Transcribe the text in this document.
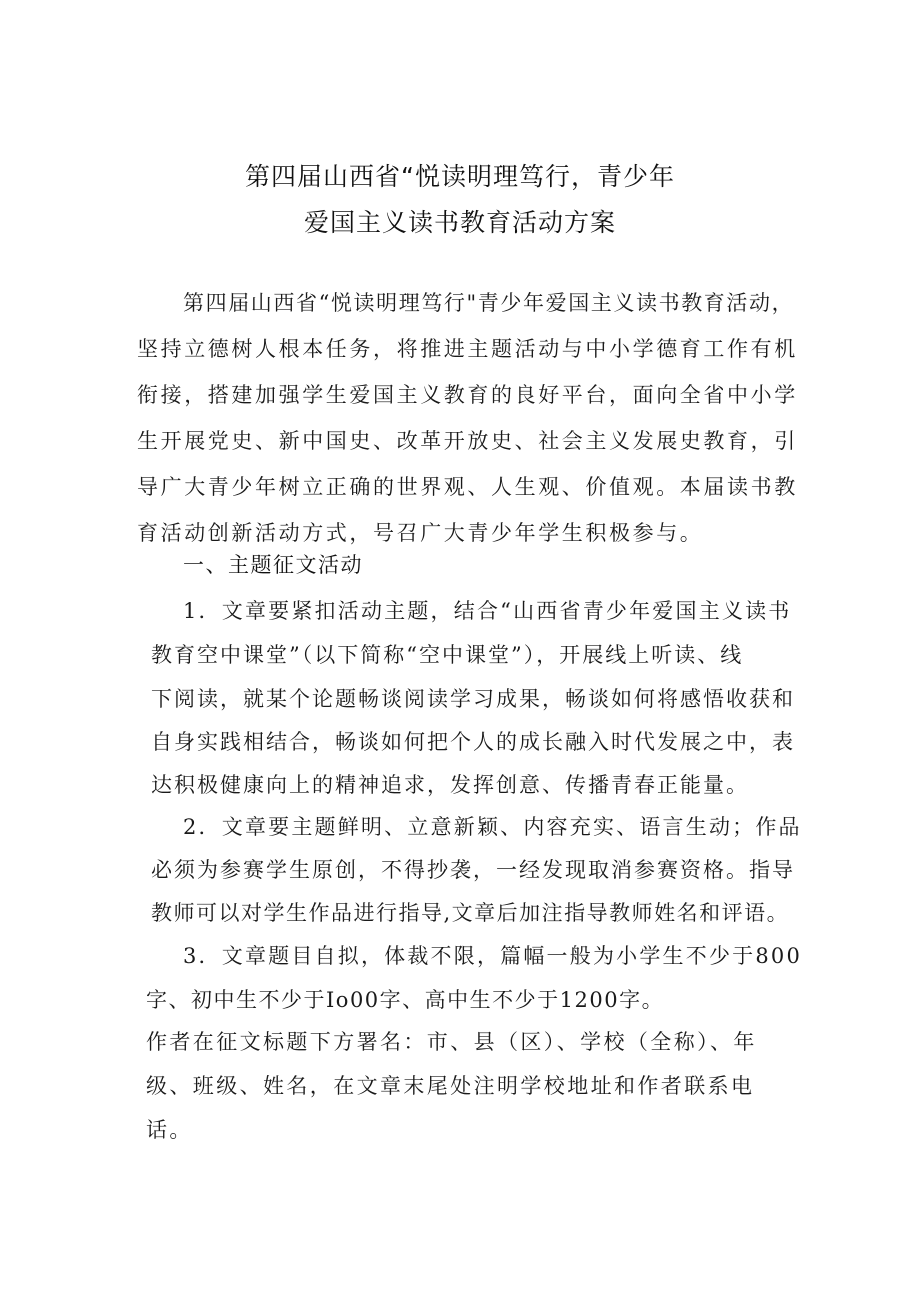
第四届山西省“悦读明理笃行，青少年
爱国主义读书教育活动方案
第四届山西省“悦读明理笃行"青少年爱国主义读书教育活动，
坚持立德树人根本任务，将推进主题活动与中小学德育工作有机
衔接，搭建加强学生爱国主义教育的良好平台，面向全省中小学
生开展党史、新中国史、改革开放史、社会主义发展史教育，引
导广大青少年树立正确的世界观、人生观、价值观。本届读书教
育活动创新活动方式，号召广大青少年学生积极参与。
一、主题征文活动
1．文章要紧扣活动主题，结合“山西省青少年爱国主义读书
教育空中课堂”（以下简称“空中课堂”），开展线上听读、线
下阅读，就某个论题畅谈阅读学习成果，畅谈如何将感悟收获和
自身实践相结合，畅谈如何把个人的成长融入时代发展之中，表
达积极健康向上的精神追求，发挥创意、传播青春正能量。
2．文章要主题鲜明、立意新颖、内容充实、语言生动；作品
必须为参赛学生原创，不得抄袭，一经发现取消参赛资格。指导
教师可以对学生作品进行指导,文章后加注指导教师姓名和评语。
3．文章题目自拟，体裁不限，篇幅一般为小学生不少于800
字、初中生不少于Io00字、高中生不少于1200字。
作者在征文标题下方署名：市、县（区）、学校（全称）、年
级、班级、姓名，在文章末尾处注明学校地址和作者联系电
话。
